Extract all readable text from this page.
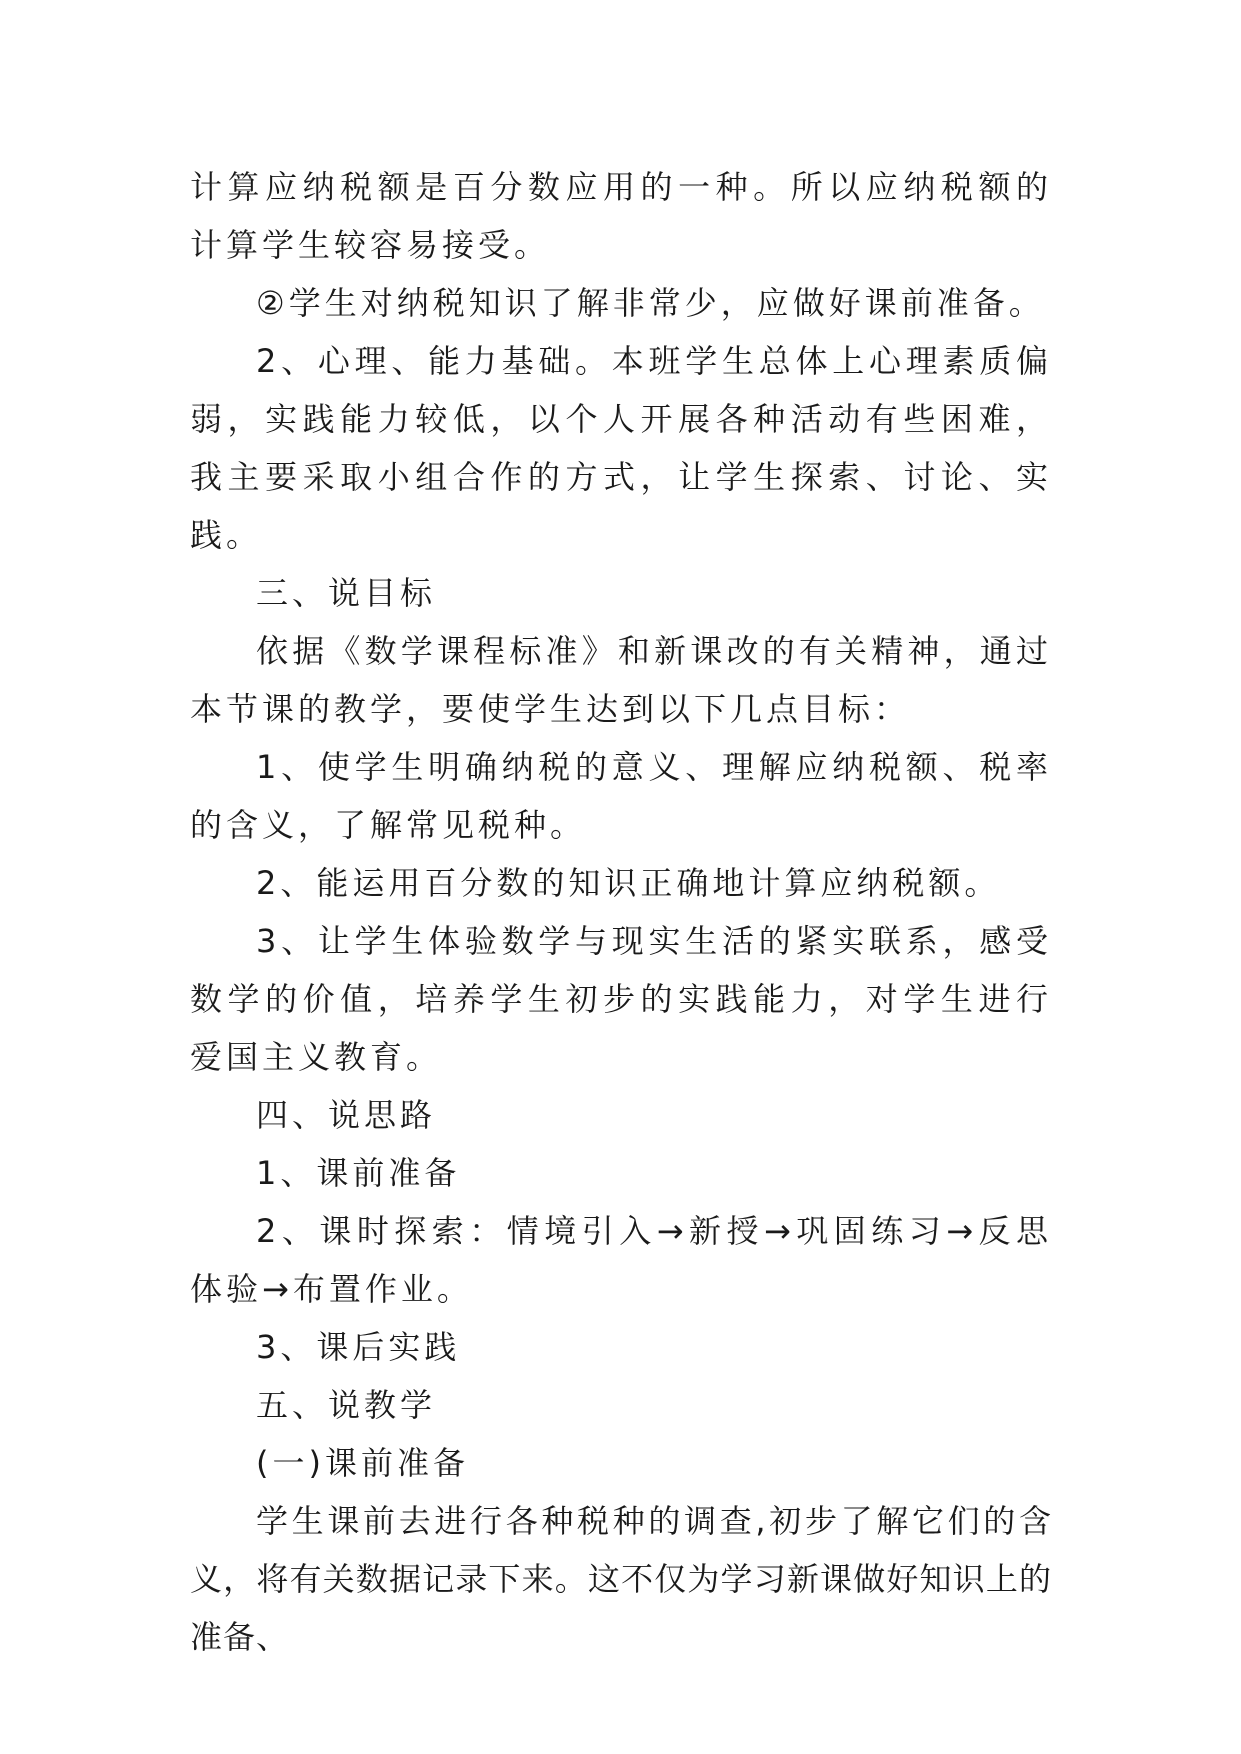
计算应纳税额是百分数应用的一种。所以应纳税额的计算学生较容易接受。

②学生对纳税知识了解非常少，应做好课前准备。

2、心理、能力基础。本班学生总体上心理素质偏弱，实践能力较低，以个人开展各种活动有些困难，我主要采取小组合作的方式，让学生探索、讨论、实践。

三、说目标

依据《数学课程标准》和新课改的有关精神，通过本节课的教学，要使学生达到以下几点目标：

1、使学生明确纳税的意义、理解应纳税额、税率的含义，了解常见税种。

2、能运用百分数的知识正确地计算应纳税额。

3、让学生体验数学与现实生活的紧实联系，感受数学的价值，培养学生初步的实践能力，对学生进行爱国主义教育。

四、说思路

1、课前准备

2、课时探索：情境引入→新授→巩固练习→反思体验→布置作业。

3、课后实践

五、说教学

(一)课前准备

学生课前去进行各种税种的调查,初步了解它们的含义，将有关数据记录下来。这不仅为学习新课做好知识上的准备、
